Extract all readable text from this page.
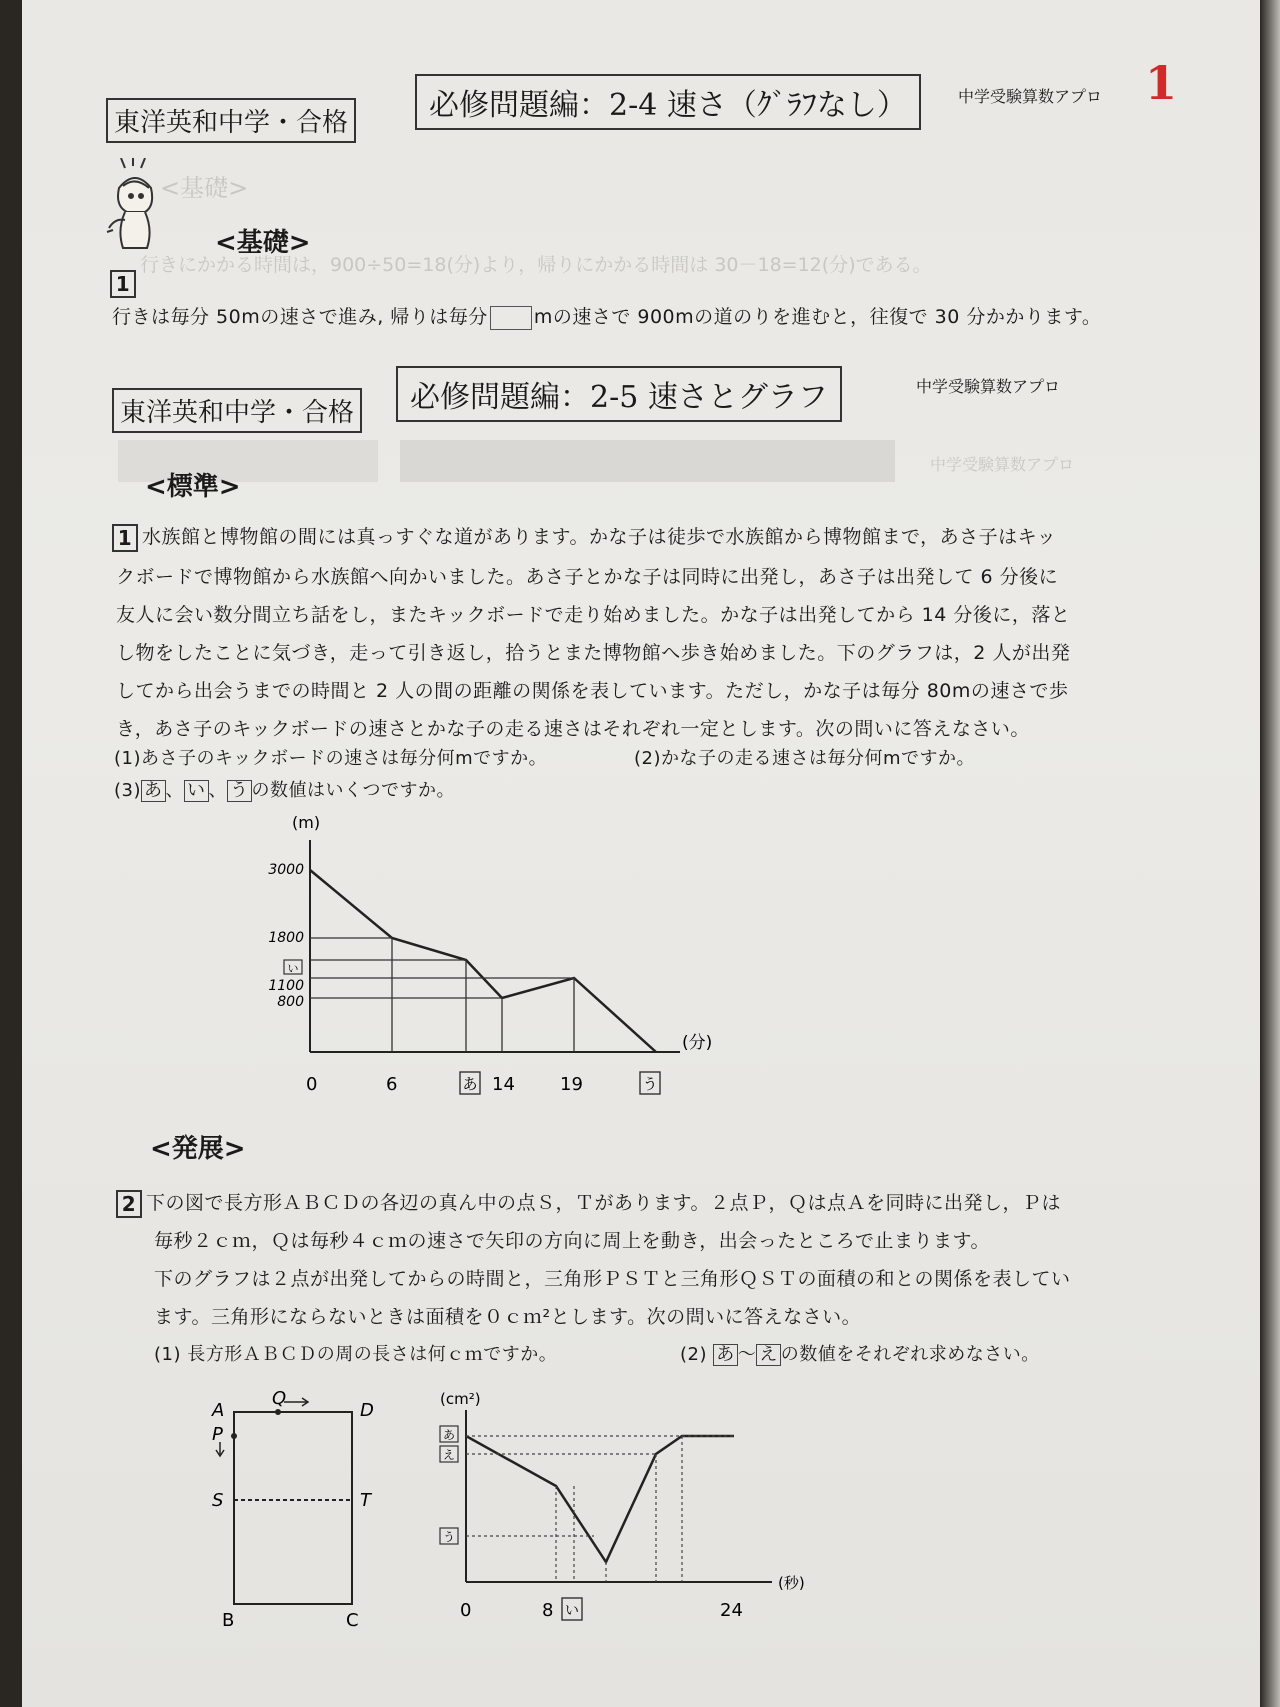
<基礎>
行きにかかる時間は，900÷50=18(分)より，帰りにかかる時間は 30－18=12(分)である。
中学受験算数アプロ
東洋英和中学・合格	必修問題編：2-4 速さ（ｸﾞﾗﾌなし）	中学受験算数アプロ 1
<基礎>
1
行きは毎分 50mの速さで進み, 帰りは毎分 mの速さで 900mの道のりを進むと，往復で 30 分かかります。
東洋英和中学・合格	必修問題編：2-5 速さとグラフ	中学受験算数アプロ
<標準>
1 水族館と博物館の間には真っすぐな道があります。かな子は徒歩で水族館から博物館まで，あさ子はキッ
クボードで博物館から水族館へ向かいました。あさ子とかな子は同時に出発し，あさ子は出発して 6 分後に
友人に会い数分間立ち話をし，またキックボードで走り始めました。かな子は出発してから 14 分後に，落と
し物をしたことに気づき，走って引き返し，拾うとまた博物館へ歩き始めました。下のグラフは，2 人が出発
してから出会うまでの時間と 2 人の間の距離の関係を表しています。ただし，かな子は毎分 80mの速さで歩
き，あさ子のキックボードの速さとかな子の走る速さはそれぞれ一定とします。次の問いに答えなさい。
(1)あさ子のキックボードの速さは毎分何mですか。	(2)かな子の走る速さは毎分何mですか。
(3) あ 、 い 、 う の数値はいくつですか。
(m)
(分)
3000
1800
い
1100
800
0	6	あ 14	19	う
<発展>
2 下の図で長方形ＡＢＣＤの各辺の真ん中の点Ｓ，Ｔがあります。２点Ｐ，Ｑは点Ａを同時に出発し，Ｐは
毎秒２ｃｍ，Ｑは毎秒４ｃｍの速さで矢印の方向に周上を動き，出会ったところで止まります。
下のグラフは２点が出発してからの時間と，三角形ＰＳＴと三角形ＱＳＴの面積の和との関係を表してい
ます。三角形にならないときは面積を０ｃｍ²とします。次の問いに答えなさい。
(1) 長方形ＡＢＣＤの周の長さは何ｃｍですか。	(2) あ ～ え の数値をそれぞれ求めなさい。
A	D
P
Q
S	T
B	C
(cm²)
(秒)
あ
え
う
0	8 い	24
